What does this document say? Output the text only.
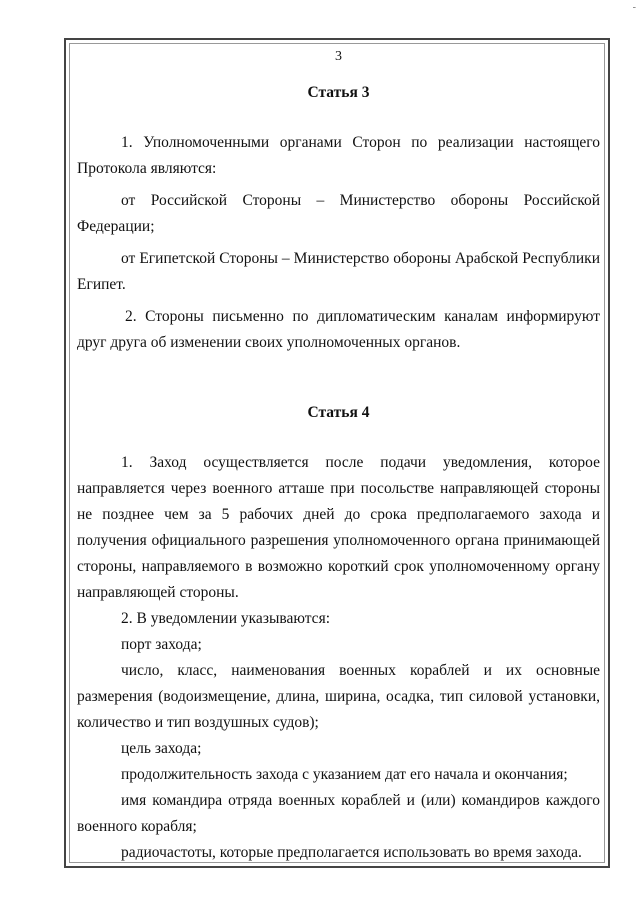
-
3
Статья 3

1. Уполномоченными органами Сторон по реализации настоящего Протокола являются:

от Российской Стороны – Министерство обороны Российской Федерации;

от Египетской Стороны – Министерство обороны Арабской Республики Египет.

2. Стороны письменно по дипломатическим каналам информируют друг друга об изменении своих уполномоченных органов.

Статья 4

1. Заход осуществляется после подачи уведомления, которое направляется через военного атташе при посольстве направляющей стороны не позднее чем за 5 рабочих дней до срока предполагаемого захода и получения официального разрешения уполномоченного органа принимающей стороны, направляемого в возможно короткий срок уполномоченному органу направляющей стороны.

2. В уведомлении указываются:

порт захода;

число, класс, наименования военных кораблей и их основные размерения (водоизмещение, длина, ширина, осадка, тип силовой установки, количество и тип воздушных судов);

цель захода;

продолжительность захода с указанием дат его начала и окончания;

имя командира отряда военных кораблей и (или) командиров каждого военного корабля;

радиочастоты, которые предполагается использовать во время захода.
